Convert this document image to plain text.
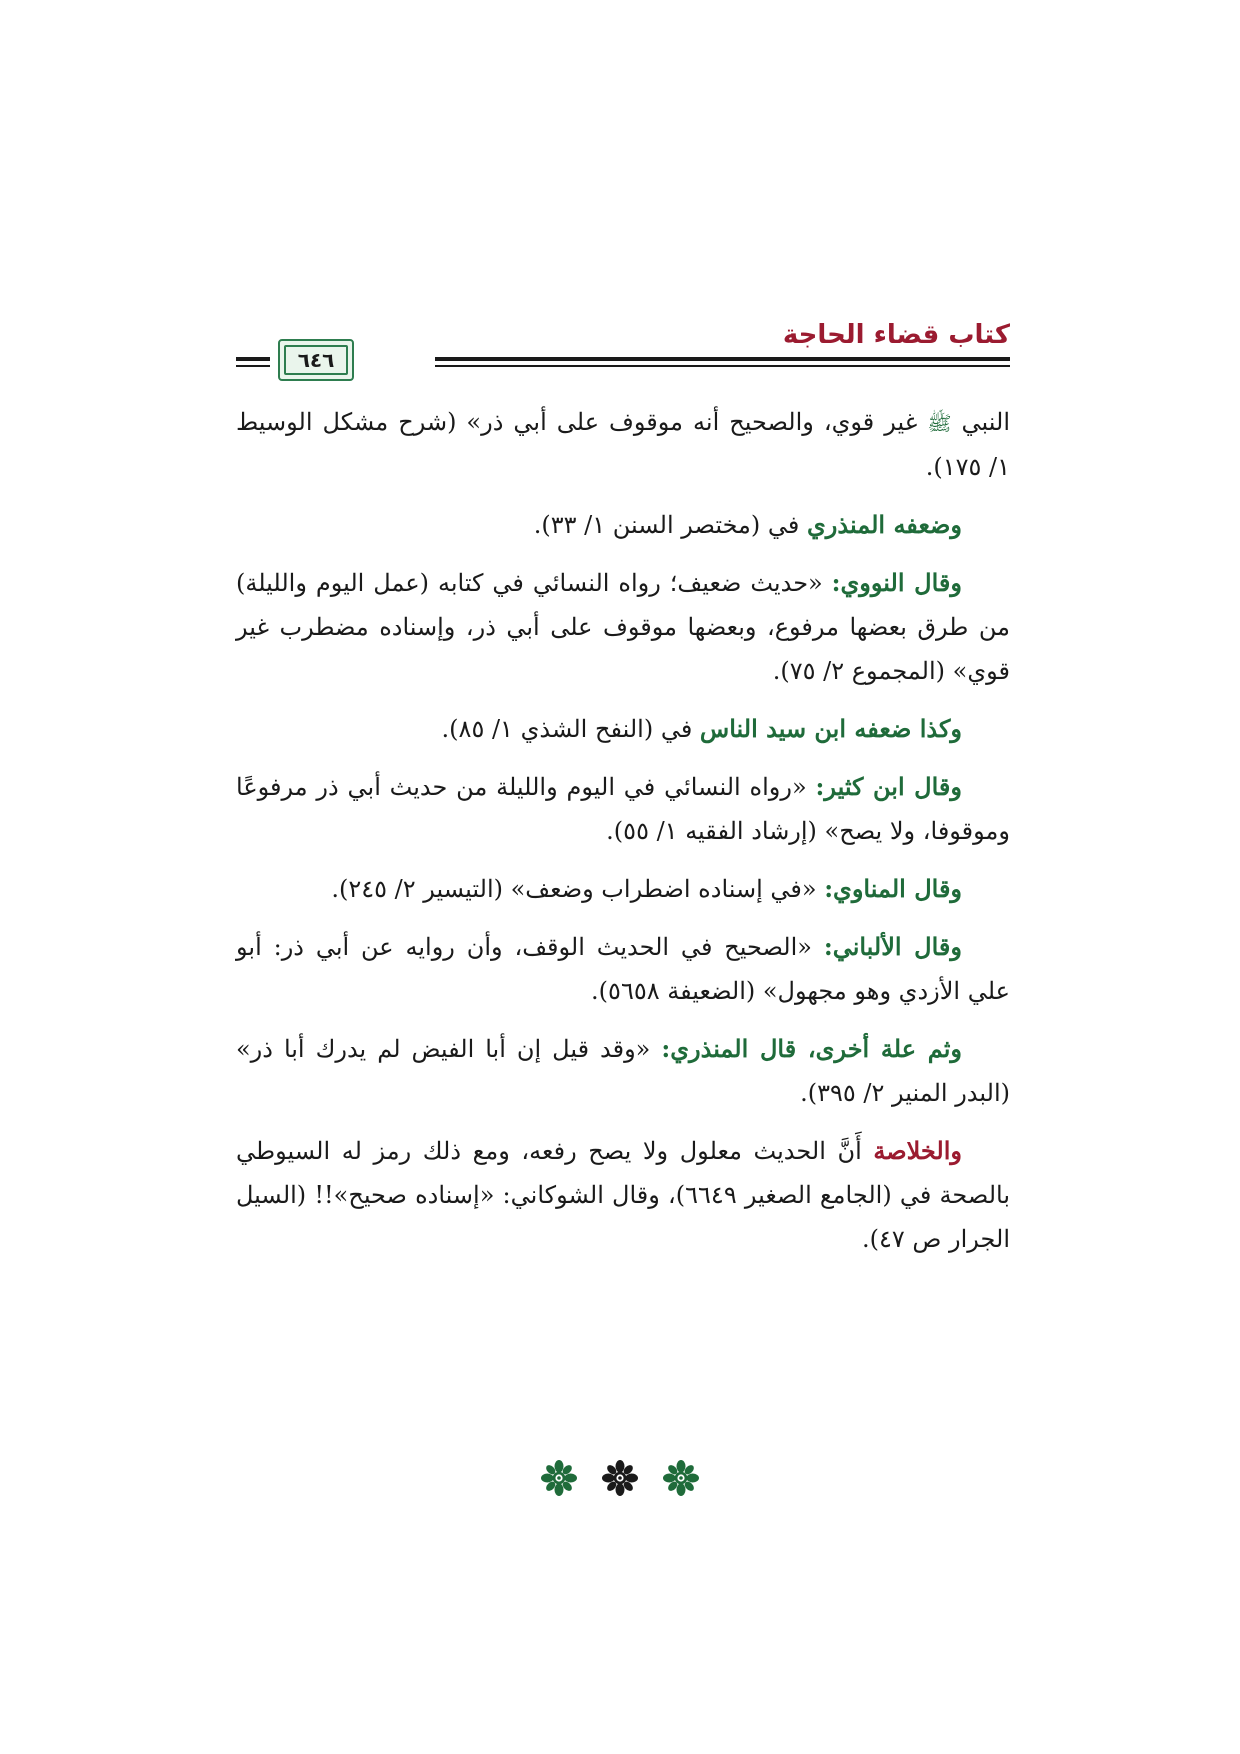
كتاب قضاء الحاجة
٦٤٦

النبي ﷺ غير قوي، والصحيح أنه موقوف على أبي ذر» (شرح مشكل الوسيط ١/ ١٧٥).

وضعفه المنذري في (مختصر السنن ١/ ٣٣).

وقال النووي: «حديث ضعيف؛ رواه النسائي في كتابه (عمل اليوم والليلة) من طرق بعضها مرفوع، وبعضها موقوف على أبي ذر، وإسناده مضطرب غير قوي» (المجموع ٢/ ٧٥).

وكذا ضعفه ابن سيد الناس في (النفح الشذي ١/ ٨٥).

وقال ابن كثير: «رواه النسائي في اليوم والليلة من حديث أبي ذر مرفوعًا وموقوفا، ولا يصح» (إرشاد الفقيه ١/ ٥٥).

وقال المناوي: «في إسناده اضطراب وضعف» (التيسير ٢/ ٢٤٥).

وقال الألباني: «الصحيح في الحديث الوقف، وأن روايه عن أبي ذر: أبو علي الأزدي وهو مجهول» (الضعيفة ٥٦٥٨).

وثم علة أخرى، قال المنذري: «وقد قيل إن أبا الفيض لم يدرك أبا ذر» (البدر المنير ٢/ ٣٩٥).

والخلاصة أَنَّ الحديث معلول ولا يصح رفعه، ومع ذلك رمز له السيوطي بالصحة في (الجامع الصغير ٦٦٤٩)، وقال الشوكاني: «إسناده صحيح»!! (السيل الجرار ص ٤٧).
